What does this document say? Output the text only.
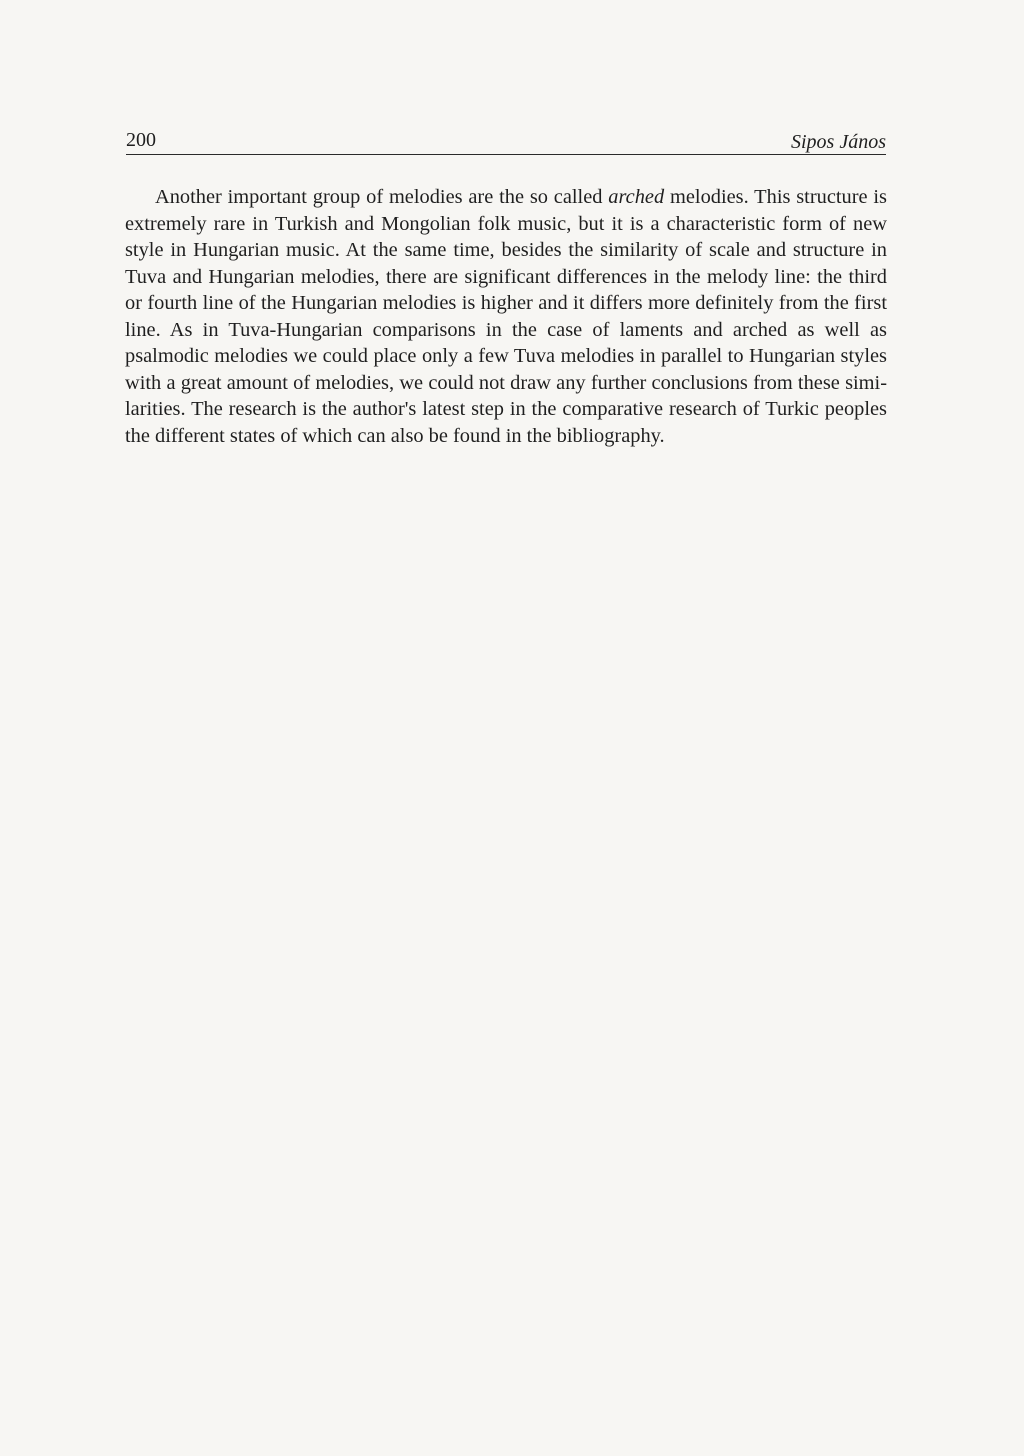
200	Sipos János

Another important group of melodies are the so called arched melodies. This structure is extremely rare in Turkish and Mongolian folk music, but it is a characteristic form of new style in Hungarian music. At the same time, besides the similarity of scale and structure in Tuva and Hungarian melodies, there are significant differences in the melody line: the third or fourth line of the Hungarian melodies is higher and it differs more definitely from the first line. As in Tuva-Hungarian comparisons in the case of laments and arched as well as psalmodic melodies we could place only a few Tuva melodies in parallel to Hungarian styles with a great amount of melodies, we could not draw any further conclusions from these similarities. The research is the author's latest step in the comparative research of Turkic peoples the different states of which can also be found in the bibliography.
